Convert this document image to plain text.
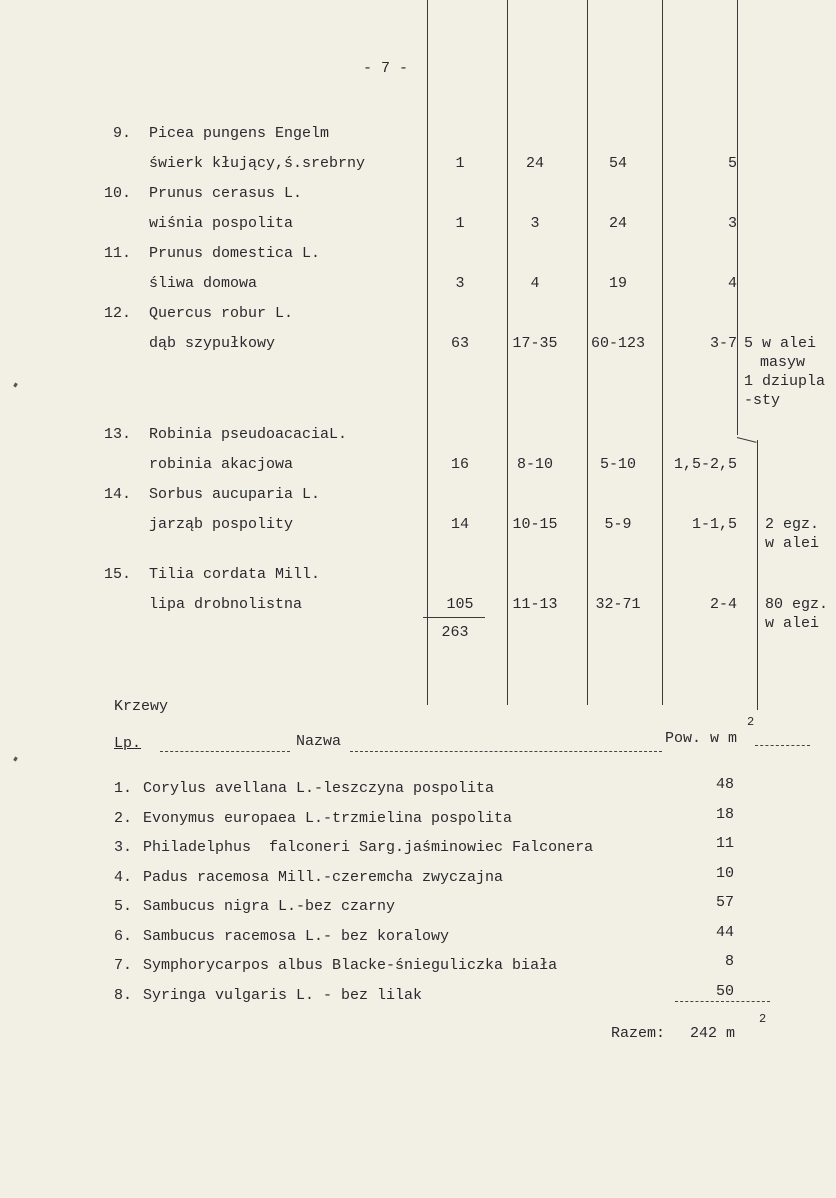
- 7 -
9. Picea pungens Engelm
świerk kłujący,ś.srebrny	1	24	54	5
10. Prunus cerasus L.
wiśnia pospolita	1	3	24	3
11. Prunus domestica L.
śliwa domowa	3	4	19	4
12. Quercus robur L.
dąb szypułkowy	63	17-35	60-123	3-7 5 w alei
masyw
1 dziupla
-sty
13. Robinia pseudoacaciaL.
robinia akacjowa	16	8-10	5-10	1,5-2,5
14. Sorbus aucuparia L.
jarząb pospolity	14	10-15	5-9	1-1,5 2 egz.
w alei
15. Tilia cordata Mill.
lipa drobnolistna	105	11-13	32-71	2-4 80 egz.
w alei
263
Krzewy
Lp.	Nazwa	Pow. w m
2
1. Corylus avellana L.-leszczyna pospolita	48
2. Evonymus europaea L.-trzmielina pospolita	18
3. Philadelphus  falconeri Sarg.jaśminowiec Falconera	11
4. Padus racemosa Mill.-czeremcha zwyczajna	10
5. Sambucus nigra L.-bez czarny	57
6. Sambucus racemosa L.- bez koralowy	44
7. Symphorycarpos albus Blacke-śnieguliczka biała	8
8. Syringa vulgaris L. - bez lilak	50
Razem: 242 m
2
